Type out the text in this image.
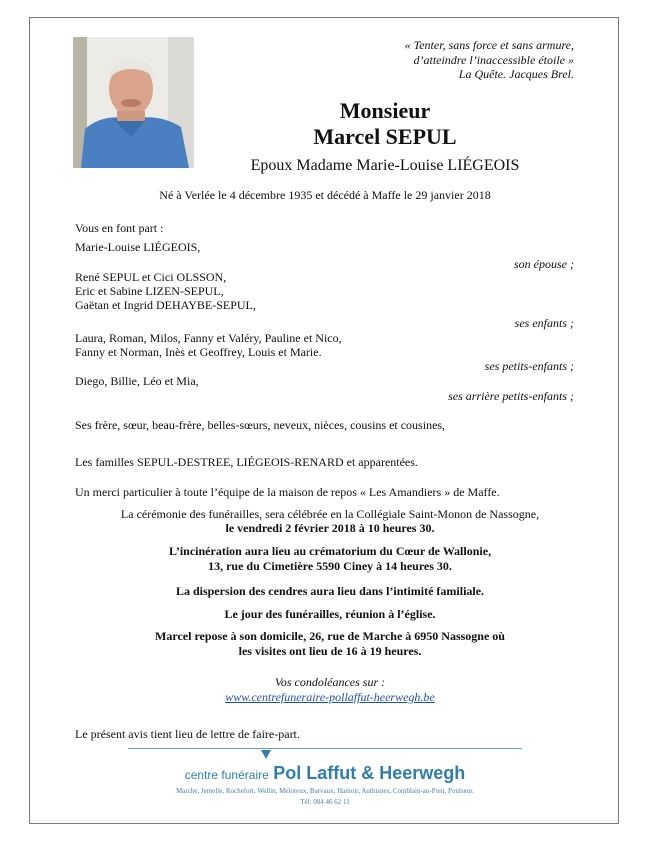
« Tenter, sans force et sans armure,
d’atteindre l’inaccessible étoile »
La Quête. Jacques Brel.
Monsieur
Marcel SEPUL
Epoux Madame Marie-Louise LIÉGEOIS
Né à Verlée le 4 décembre 1935 et décédé à Maffe le 29 janvier 2018
Vous en font part :
Marie-Louise LIÉGEOIS,
son épouse ;
René SEPUL et Cici OLSSON,
Eric et Sabine LIZEN-SEPUL,
Gaëtan et Ingrid DEHAYBE-SEPUL,
ses enfants ;
Laura, Roman, Milos, Fanny et Valéry, Pauline et Nico,
Fanny et Norman, Inès et Geoffrey, Louis et Marie.
ses petits-enfants ;
Diego, Billie, Léo et Mia,
ses arrière petits-enfants ;
Ses frère, sœur, beau-frère, belles-sœurs, neveux, nièces, cousins et cousines,
Les familles SEPUL-DESTREE, LIÉGEOIS-RENARD et apparentées.
Un merci particulier à toute l’équipe de la maison de repos « Les Amandiers » de Maffe.
La cérémonie des funérailles, sera célébrée en la Collégiale Saint-Monon de Nassogne,
le vendredi 2 février 2018 à 10 heures 30.
L’incinération aura lieu au crématorium du Cœur de Wallonie,
13, rue du Cimetière 5590 Ciney à 14 heures 30.
La dispersion des cendres aura lieu dans l’intimité familiale.
Le jour des funérailles, réunion à l’église.
Marcel repose à son domicile, 26, rue de Marche à 6950 Nassogne où
les visites ont lieu de 16 à 19 heures.
Vos condoléances sur :
www.centrefuneraire-pollaffut-heerwegh.be
Le présent avis tient lieu de lettre de faire-part.
centre funéraire Pol Laffut & Heerwegh
Marche, Jemelle, Rochefort, Wellin, Meloreux, Barvaux, Hamoir, Authisnes, Comblain-au-Pont, Poulseur.
Tél: 084 46 62 11
